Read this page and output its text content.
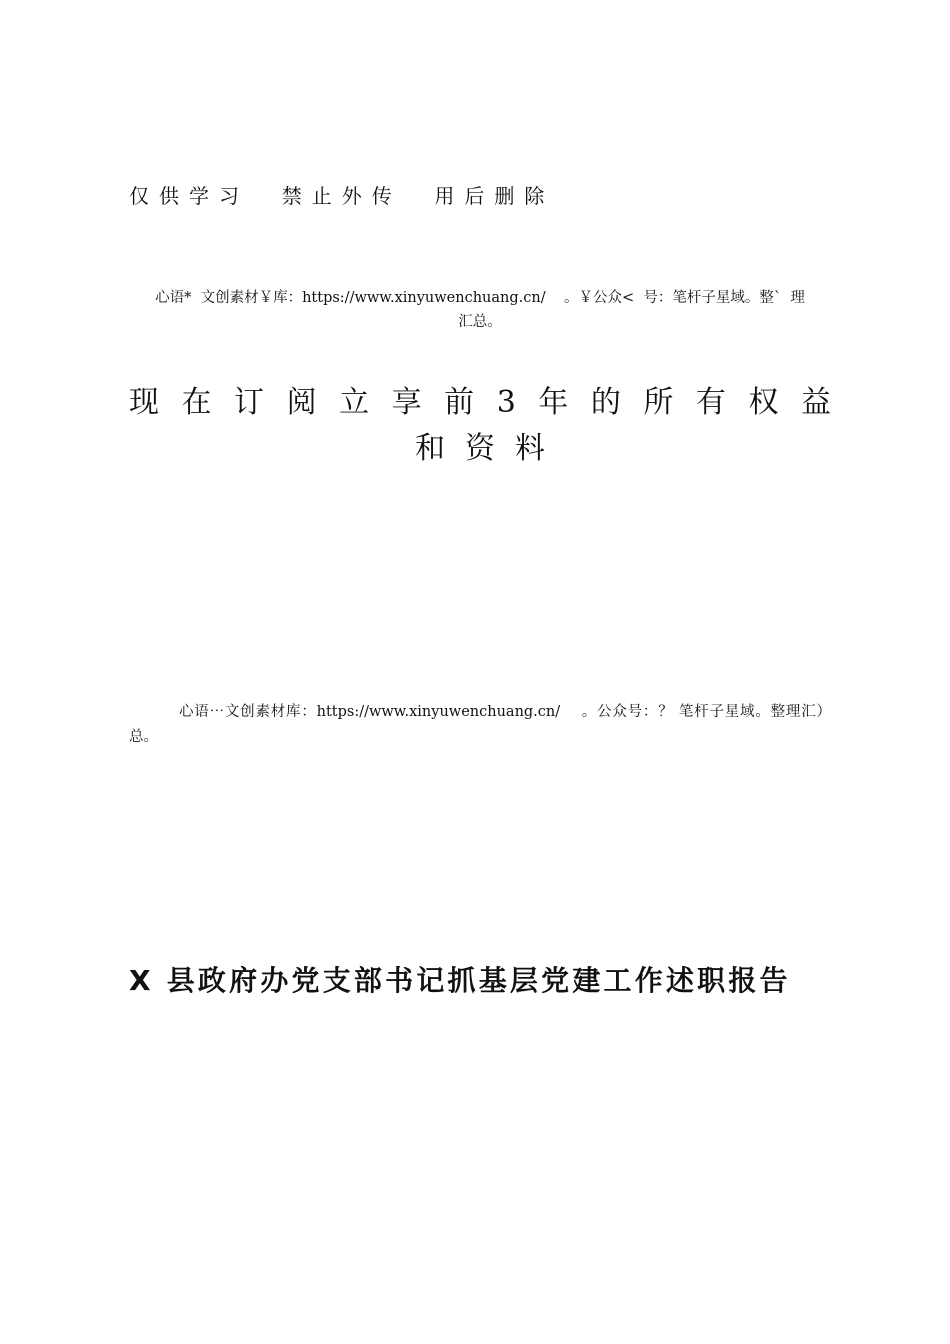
仅供学习  禁止外传  用后删除

心语*  文创素材￥库：https://www.xinyuwenchuang.cn/    。￥公众<  号：笔杆子星域。整`  理
汇总。

现在订阅立享前3年的所有权益
和资料

心语⋯文创素材库：https://www.xinyuwenchuang.cn/    。公众号：？ 笔杆子星域。整理汇）总。

X 县政府办党支部书记抓基层党建工作述职报告
